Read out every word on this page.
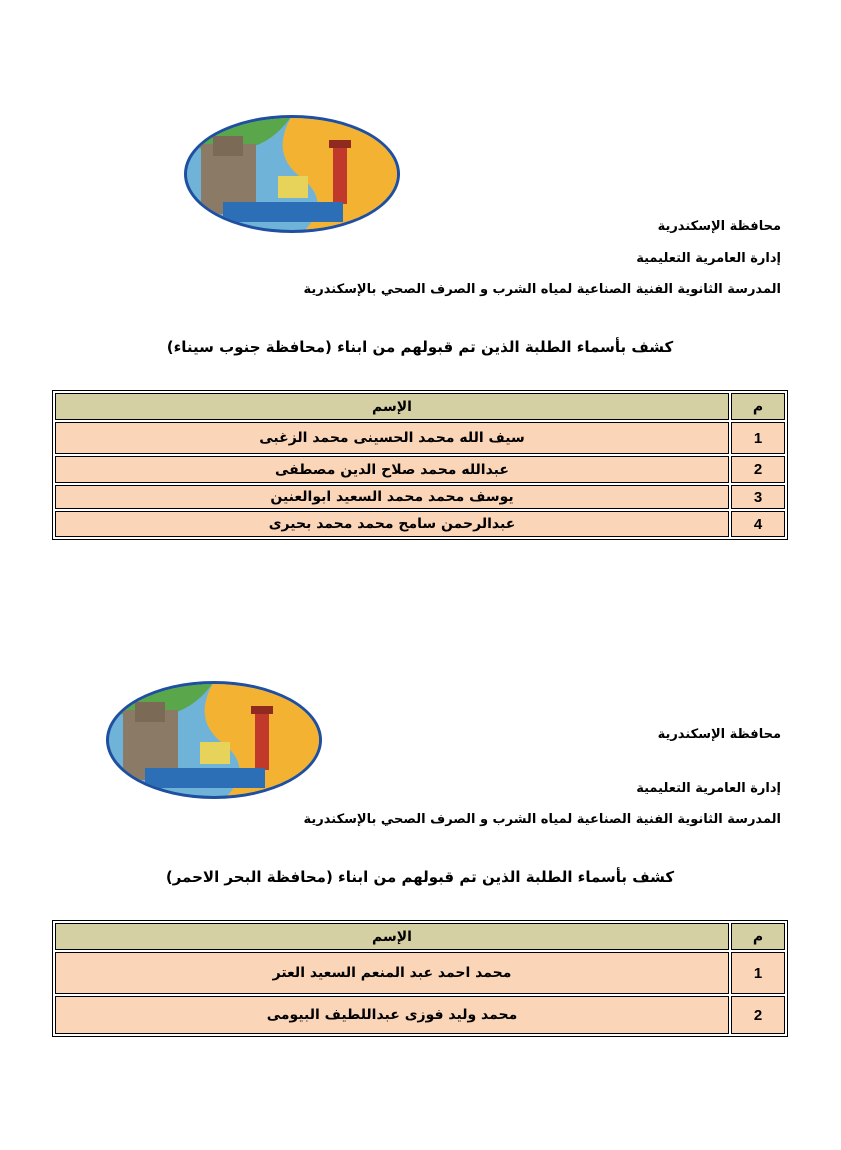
محافظة الإسكندرية
إدارة العامرية التعليمية
المدرسة الثانوية الفنية الصناعية لمياه الشرب و الصرف الصحي بالإسكندرية
كشف بأسماء الطلبة الذين تم قبولهم من ابناء (محافظة جنوب سيناء)
م	الإسم
1	سيف الله محمد الحسينى محمد الزغبى
2	عبدالله محمد صلاح الدين مصطفى
3	يوسف محمد محمد السعيد ابوالعنين
4	عبدالرحمن سامح محمد محمد بحيرى
محافظة الإسكندرية
إدارة العامرية التعليمية
المدرسة الثانوية الفنية الصناعية لمياه الشرب و الصرف الصحي بالإسكندرية
كشف بأسماء الطلبة الذين تم قبولهم من ابناء (محافظة البحر الاحمر)
م	الإسم
1	محمد احمد عبد المنعم السعيد العتر
2	محمد وليد فوزى عبداللطيف البيومى
